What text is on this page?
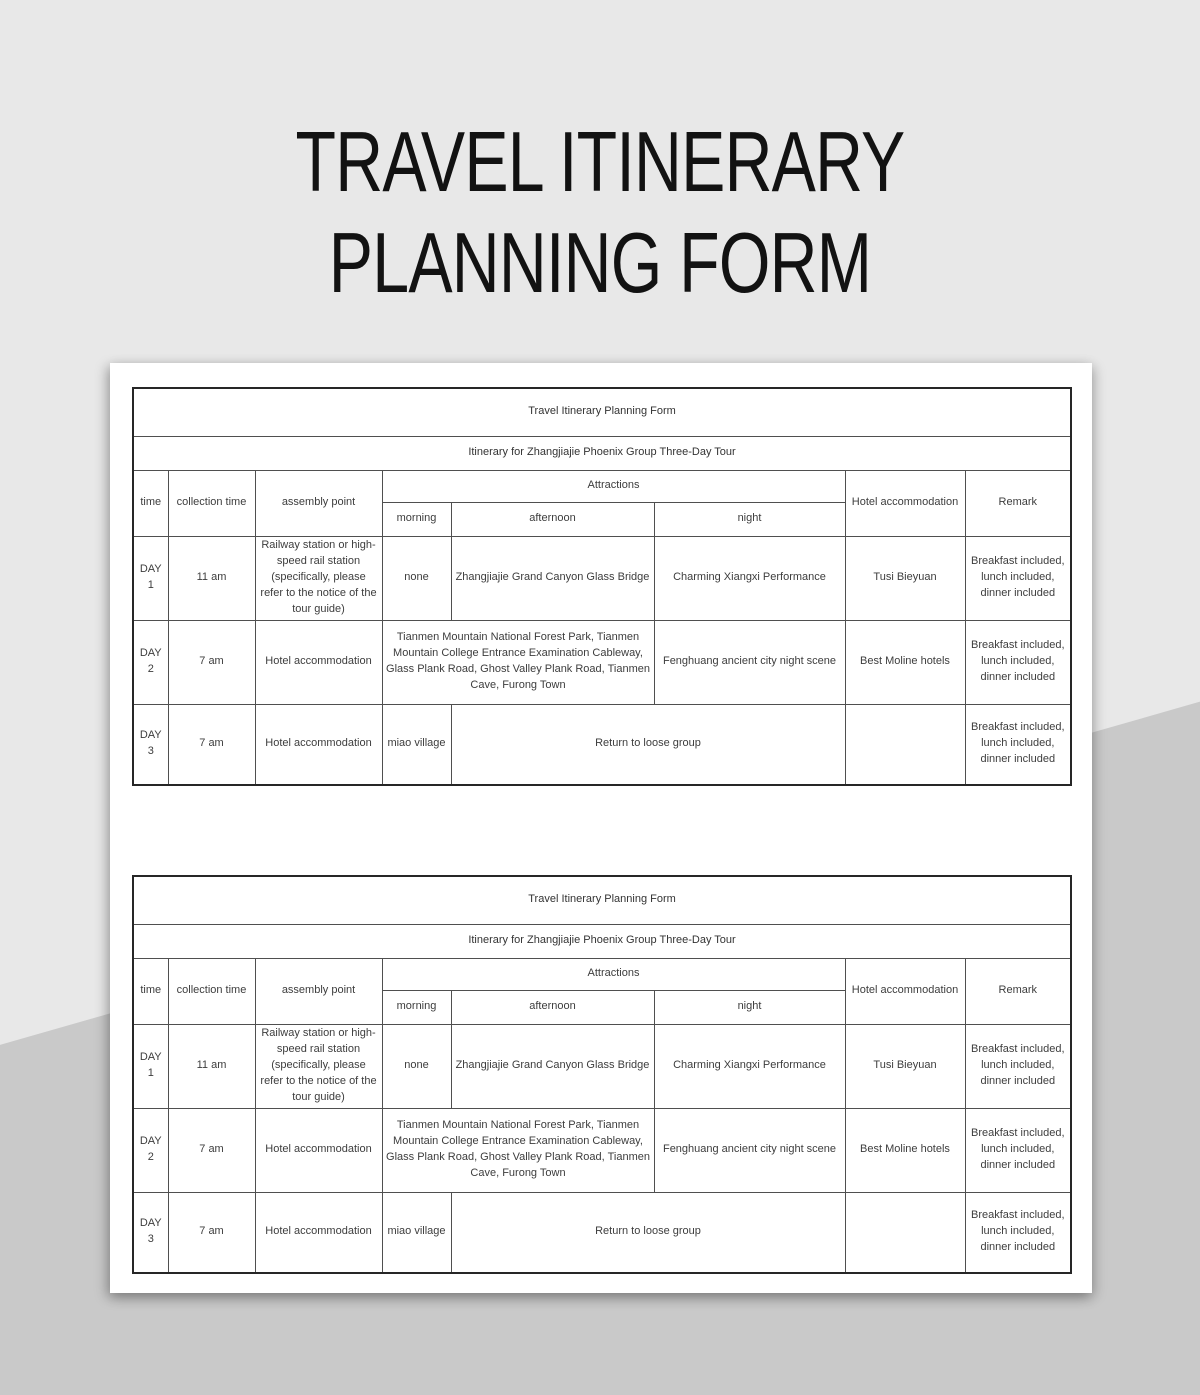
TRAVEL ITINERARY
PLANNING FORM
Travel Itinerary Planning Form							
Itinerary for Zhangjiajie Phoenix Group Three-Day Tour							
time	collection time	assembly point	Attractions			Hotel accommodation	Remark
			morning	afternoon	night		
DAY 1	11 am	Railway station or high-speed rail station (specifically, please refer to the notice of the tour guide)	none	Zhangjiajie Grand Canyon Glass Bridge	Charming Xiangxi Performance	Tusi Bieyuan	Breakfast included, lunch included, dinner included
DAY 2	7 am	Hotel accommodation	Tianmen Mountain National Forest Park, Tianmen Mountain College Entrance Examination Cableway, Glass Plank Road, Ghost Valley Plank Road, Tianmen Cave, Furong Town		Fenghuang ancient city night scene	Best Moline hotels	Breakfast included, lunch included, dinner included
DAY 3	7 am	Hotel accommodation	miao village	Return to loose group			Breakfast included, lunch included, dinner included
Travel Itinerary Planning Form							
Itinerary for Zhangjiajie Phoenix Group Three-Day Tour							
time	collection time	assembly point	Attractions			Hotel accommodation	Remark
			morning	afternoon	night		
DAY 1	11 am	Railway station or high-speed rail station (specifically, please refer to the notice of the tour guide)	none	Zhangjiajie Grand Canyon Glass Bridge	Charming Xiangxi Performance	Tusi Bieyuan	Breakfast included, lunch included, dinner included
DAY 2	7 am	Hotel accommodation	Tianmen Mountain National Forest Park, Tianmen Mountain College Entrance Examination Cableway, Glass Plank Road, Ghost Valley Plank Road, Tianmen Cave, Furong Town		Fenghuang ancient city night scene	Best Moline hotels	Breakfast included, lunch included, dinner included
DAY 3	7 am	Hotel accommodation	miao village	Return to loose group			Breakfast included, lunch included, dinner included
